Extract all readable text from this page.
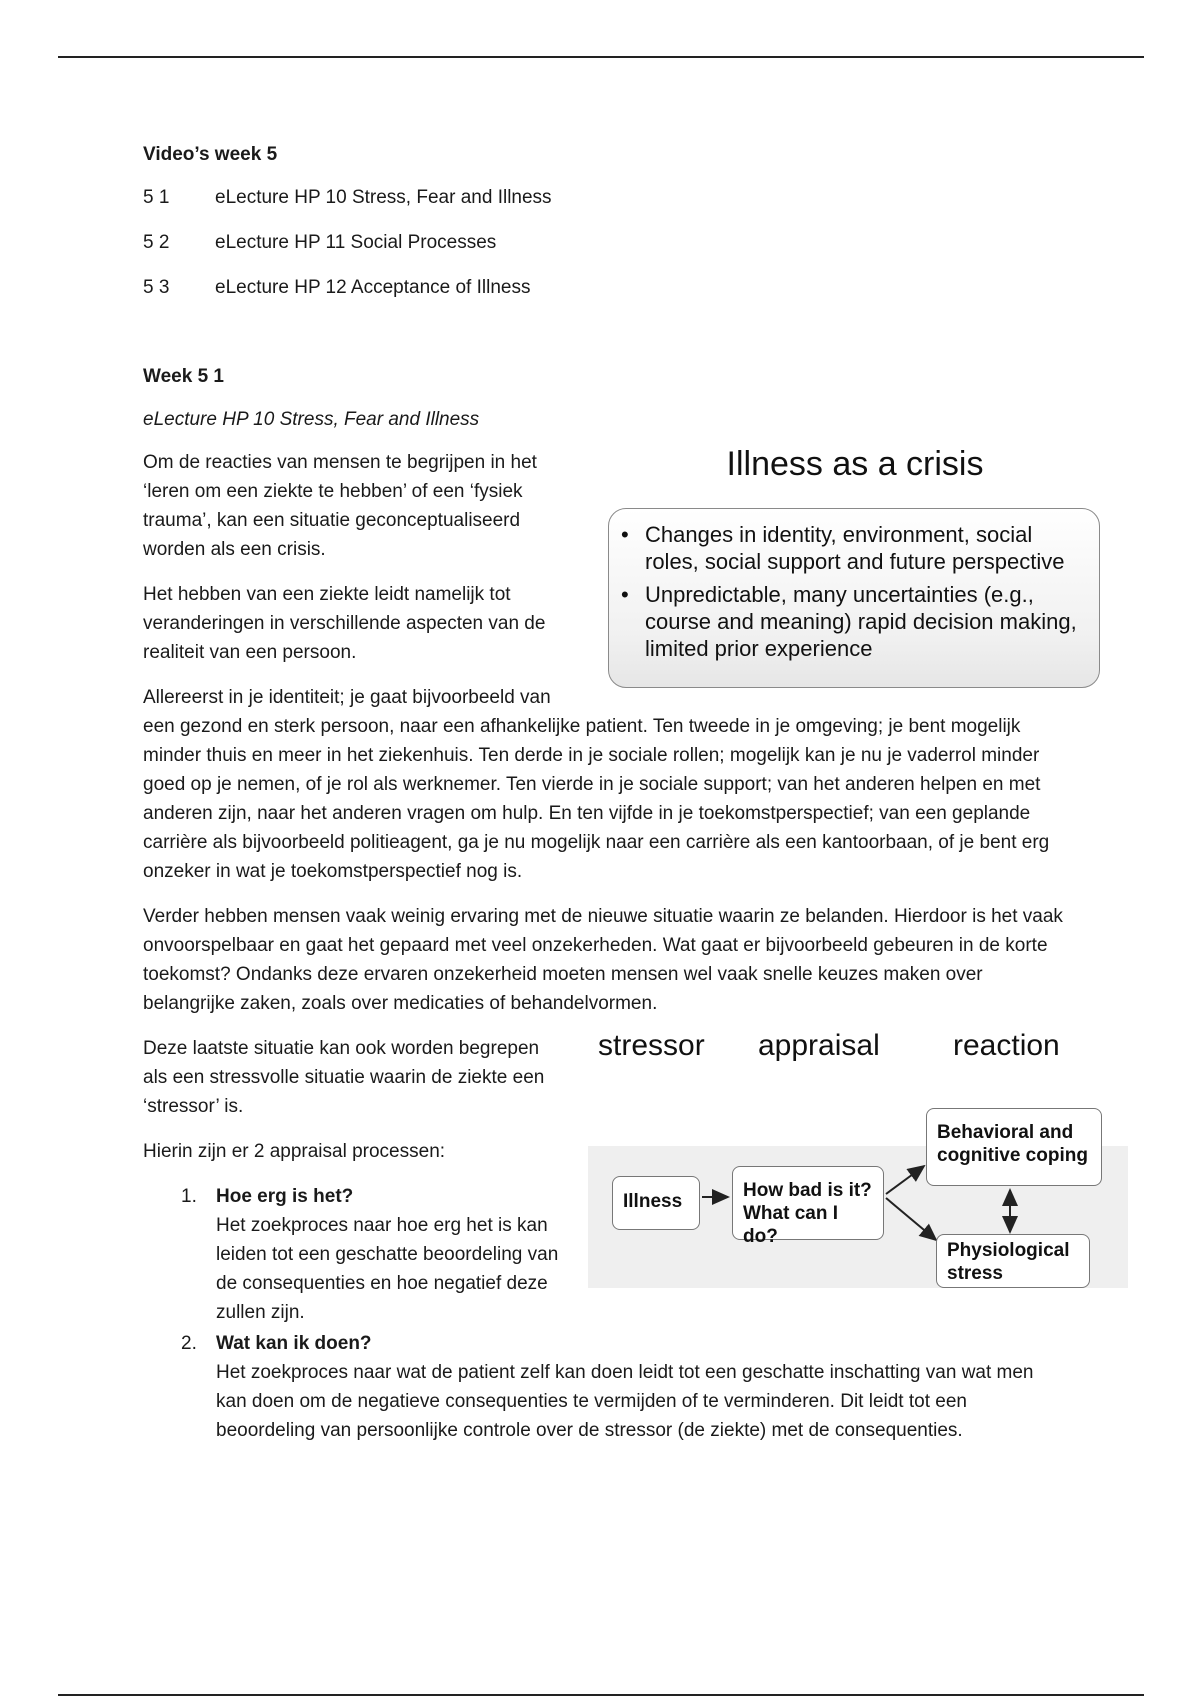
Video’s week 5
5 1	eLecture HP 10 Stress, Fear and Illness
5 2	eLecture HP 11 Social Processes
5 3	eLecture HP 12 Acceptance of Illness
Week 5 1
eLecture HP 10 Stress, Fear and Illness
Illness as a crisis
• Changes in identity, environment, social roles, social support and future perspective
• Unpredictable, many uncertainties (e.g., course and meaning) rapid decision making, limited prior experience

Om de reacties van mensen te begrijpen in het ‘leren om een ziekte te hebben’ of een ‘fysiek trauma’, kan een situatie geconceptualiseerd worden als een crisis.

Het hebben van een ziekte leidt namelijk tot veranderingen in verschillende aspecten van de realiteit van een persoon.

Allereerst in je identiteit; je gaat bijvoorbeeld van een gezond en sterk persoon, naar een afhankelijke patient. Ten tweede in je omgeving; je bent mogelijk minder thuis en meer in het ziekenhuis. Ten derde in je sociale rollen; mogelijk kan je nu je vaderrol minder goed op je nemen, of je rol als werknemer. Ten vierde in je sociale support; van het anderen helpen en met anderen zijn, naar het anderen vragen om hulp. En ten vijfde in je toekomstperspectief; van een geplande carrière als bijvoorbeeld politieagent, ga je nu mogelijk naar een carrière als een kantoorbaan, of je bent erg onzeker in wat je toekomstperspectief nog is.

Verder hebben mensen vaak weinig ervaring met de nieuwe situatie waarin ze belanden. Hierdoor is het vaak onvoorspelbaar en gaat het gepaard met veel onzekerheden. Wat gaat er bijvoorbeeld gebeuren in de korte toekomst? Ondanks deze ervaren onzekerheid moeten mensen wel vaak snelle keuzes maken over belangrijke zaken, zoals over medicaties of behandelvormen.

stressor appraisal reaction
Illness
How bad is it?
What can I do?
Behavioral and
cognitive coping
Physiological
stress

Deze laatste situatie kan ook worden begrepen als een stressvolle situatie waarin de ziekte een ‘stressor’ is.

Hierin zijn er 2 appraisal processen:

1.	Hoe erg is het?
Het zoekproces naar hoe erg het is kan leiden tot een geschatte beoordeling van de consequenties en hoe negatief deze zullen zijn.
2.	Wat kan ik doen?
Het zoekproces naar wat de patient zelf kan doen leidt tot een geschatte inschatting van wat men kan doen om de negatieve consequenties te vermijden of te verminderen. Dit leidt tot een beoordeling van persoonlijke controle over de stressor (de ziekte) met de consequenties.
